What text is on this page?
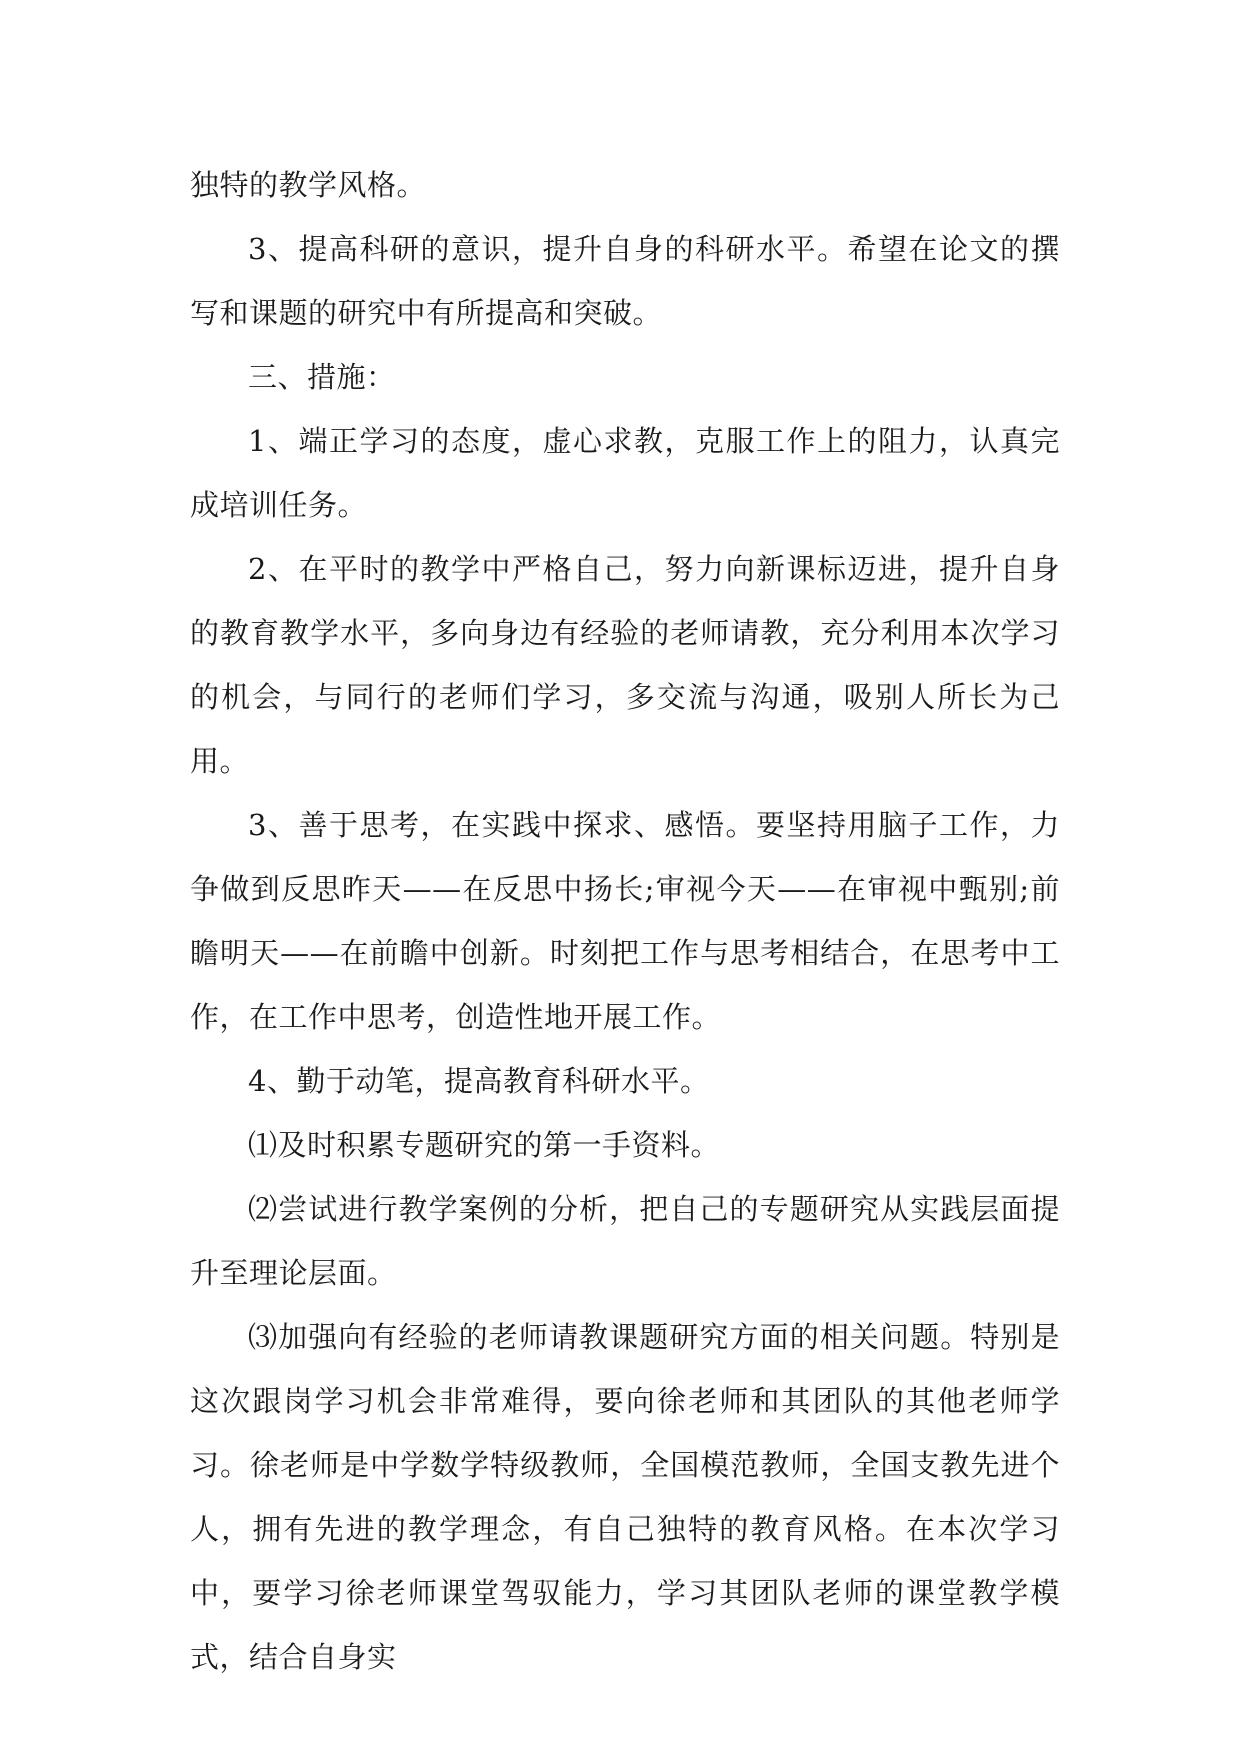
独特的教学风格。

3、提高科研的意识，提升自身的科研水平。希望在论文的撰写和课题的研究中有所提高和突破。

三、措施：

1、端正学习的态度，虚心求教，克服工作上的阻力，认真完成培训任务。

2、在平时的教学中严格自己，努力向新课标迈进，提升自身的教育教学水平，多向身边有经验的老师请教，充分利用本次学习的机会，与同行的老师们学习，多交流与沟通，吸别人所长为己用。

3、善于思考，在实践中探求、感悟。要坚持用脑子工作，力争做到反思昨天——在反思中扬长;审视今天——在审视中甄别;前瞻明天——在前瞻中创新。时刻把工作与思考相结合，在思考中工作，在工作中思考，创造性地开展工作。

4、勤于动笔，提高教育科研水平。

⑴及时积累专题研究的第一手资料。

⑵尝试进行教学案例的分析，把自己的专题研究从实践层面提升至理论层面。

⑶加强向有经验的老师请教课题研究方面的相关问题。特别是这次跟岗学习机会非常难得，要向徐老师和其团队的其他老师学习。徐老师是中学数学特级教师，全国模范教师，全国支教先进个人，拥有先进的教学理念，有自己独特的教育风格。在本次学习中，要学习徐老师课堂驾驭能力，学习其团队老师的课堂教学模式，结合自身实
